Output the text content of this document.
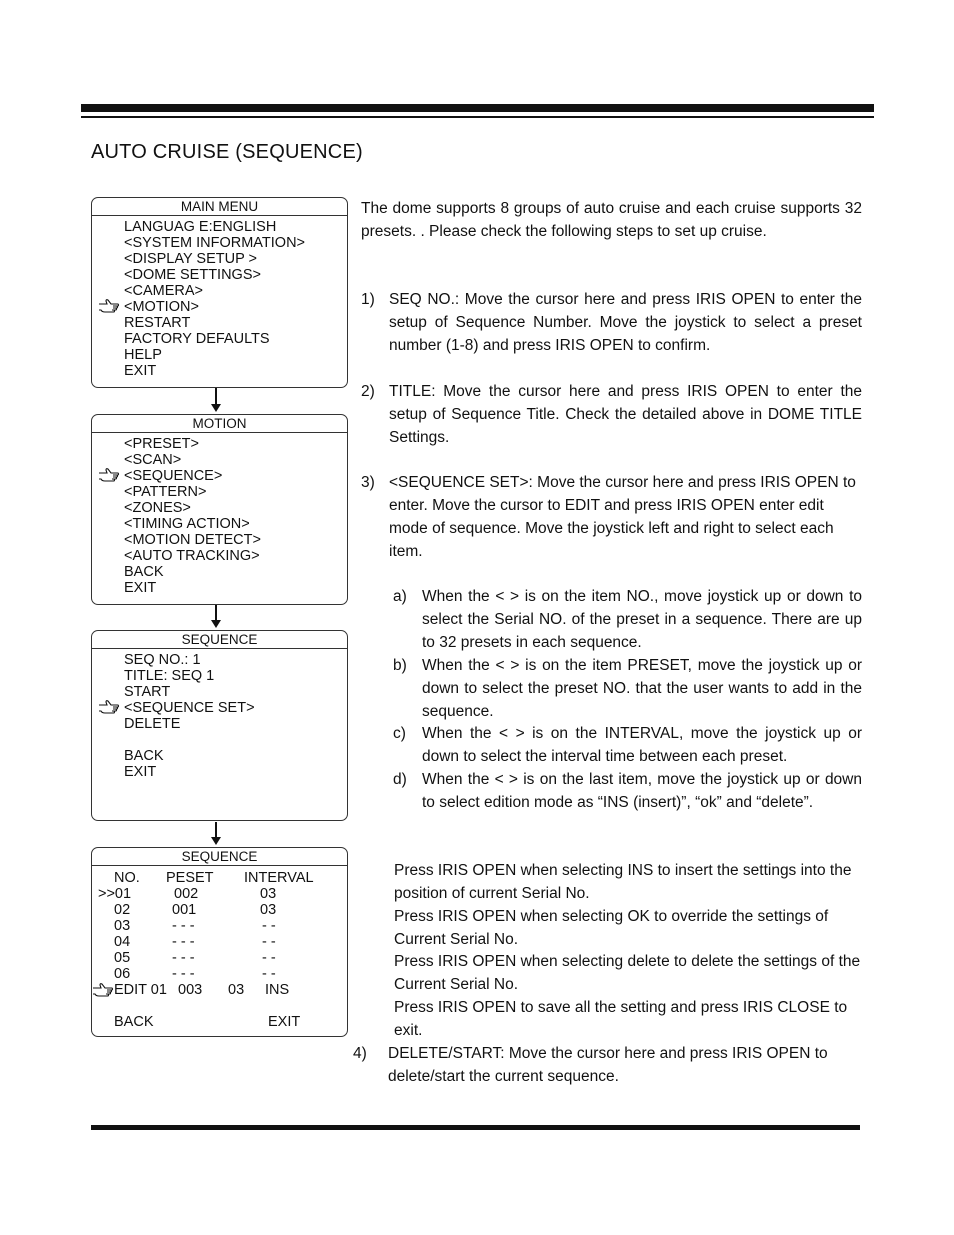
AUTO CRUISE (SEQUENCE)
MAIN MENU
LANGUAG E:ENGLISH
<SYSTEM INFORMATION>
<DISPLAY SETUP >
<DOME SETTINGS>
<CAMERA>
<MOTION>
RESTART
FACTORY DEFAULTS
HELP
EXIT
MOTION
<PRESET>
<SCAN>
<SEQUENCE>
<PATTERN>
<ZONES>
<TIMING ACTION>
<MOTION DETECT>
<AUTO TRACKING>
BACK
EXIT
SEQUENCE
SEQ NO.: 1
TITLE: SEQ 1
START
<SEQUENCE SET>
DELETE
BACK
EXIT
SEQUENCE
NO. PESET INTERVAL
>>01	002	03
02	001	03
03	- - -	- -
04	- - -	- -
05	- - -	- -
06	- - -	- -
EDIT 01 003 03 INS
BACK	EXIT
The dome supports 8 groups of auto cruise and each cruise supports 32 presets. . Please check the following steps to set up cruise.
1) SEQ NO.: Move the cursor here and press IRIS OPEN to enter the setup of Sequence Number. Move the joystick to select a preset number (1-8) and press IRIS OPEN to confirm.
2) TITLE: Move the cursor here and press IRIS OPEN to enter the setup of Sequence Title. Check the detailed above in DOME TITLE Settings.
3) <SEQUENCE SET>: Move the cursor here and press IRIS OPEN to enter. Move the cursor to EDIT and press IRIS OPEN enter edit mode of sequence. Move the joystick left and right to select each item.
a) When the < > is on the item NO., move joystick up or down to select the Serial NO. of the preset in a sequence. There are up to 32 presets in each sequence.
b) When the < > is on the item PRESET, move the joystick up or down to select the preset NO. that the user wants to add in the sequence.
c) When the < > is on the INTERVAL, move the joystick up or down to select the interval time between each preset.
d) When the < > is on the last item, move the joystick up or down to select edition mode as “INS (insert)”, “ok” and “delete”.
Press IRIS OPEN when selecting INS to insert the settings into the position of current Serial No.
Press IRIS OPEN when selecting OK to override the settings of Current Serial No.
Press IRIS OPEN when selecting delete to delete the settings of the Current Serial No.
Press IRIS OPEN to save all the setting and press IRIS CLOSE to exit.
4) DELETE/START: Move the cursor here and press IRIS OPEN to delete/start the current sequence.
